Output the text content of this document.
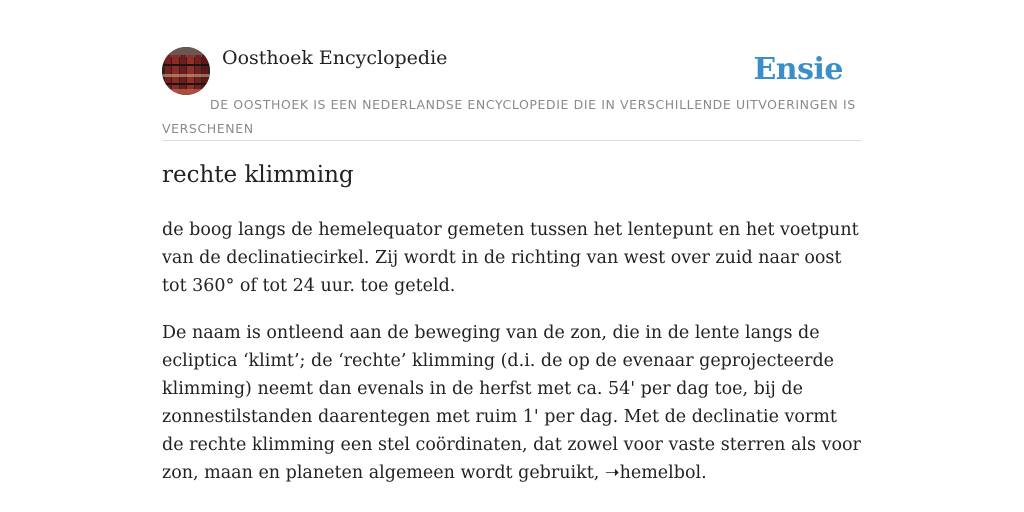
Oosthoek Encyclopedie	Ensie
DE OOSTHOEK IS EEN NEDERLANDSE ENCYCLOPEDIE DIE IN VERSCHILLENDE UITVOERINGEN IS VERSCHENEN
rechte klimming

de boog langs de hemelequator gemeten tussen het lentepunt en het voetpunt van de declinatiecirkel. Zij wordt in de richting van west over zuid naar oost tot 360° of tot 24 uur. toe geteld.

De naam is ontleend aan de beweging van de zon, die in de lente langs de ecliptica ‘klimt’; de ‘rechte’ klimming (d.i. de op de evenaar geprojecteerde klimming) neemt dan evenals in de herfst met ca. 54' per dag toe, bij de zonnestilstanden daarentegen met ruim 1' per dag. Met de declinatie vormt de rechte klimming een stel coördinaten, dat zowel voor vaste sterren als voor zon, maan en planeten algemeen wordt gebruikt, ➝hemelbol.
